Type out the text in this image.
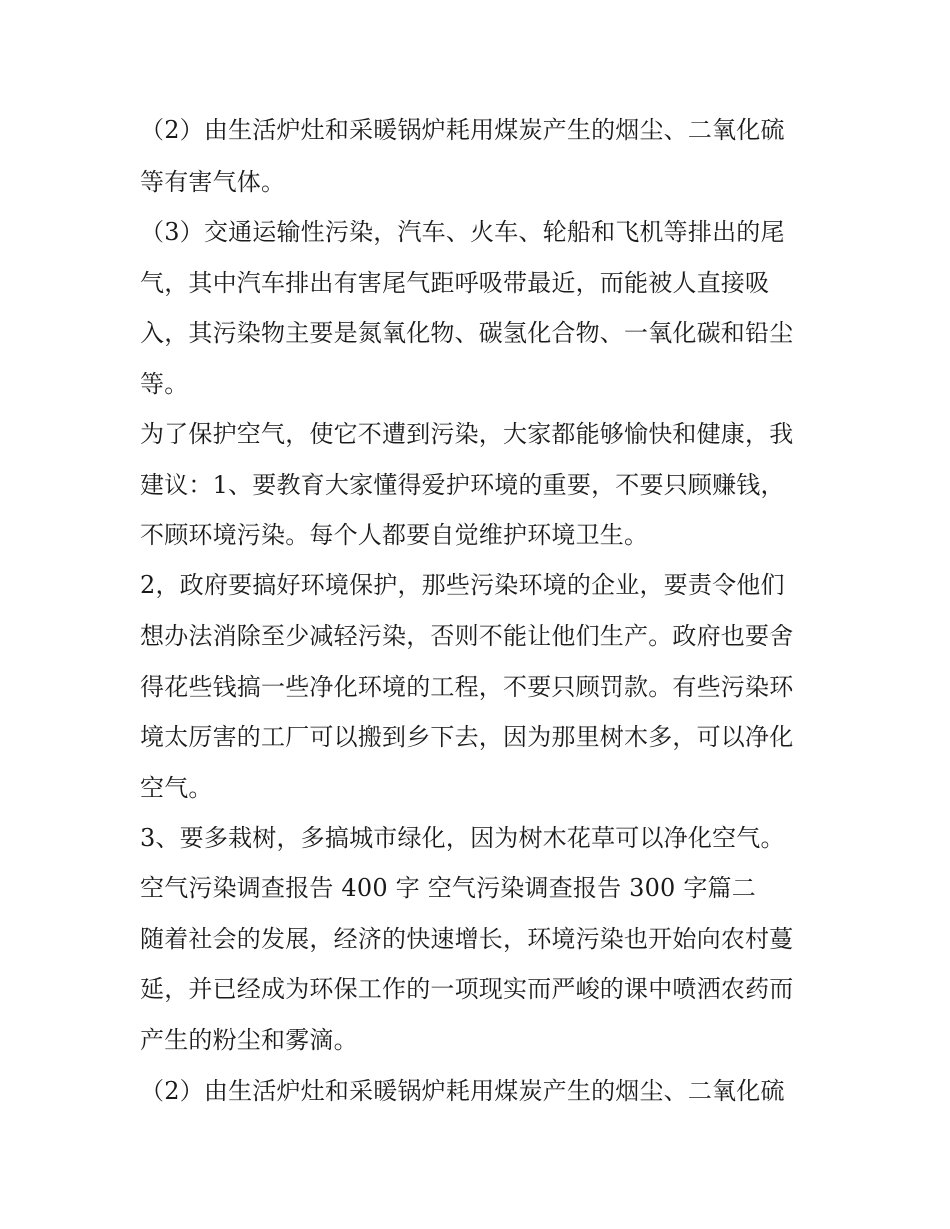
（2）由生活炉灶和采暖锅炉耗用煤炭产生的烟尘、二氧化硫
等有害气体。
（3）交通运输性污染，汽车、火车、轮船和飞机等排出的尾
气，其中汽车排出有害尾气距呼吸带最近，而能被人直接吸
入，其污染物主要是氮氧化物、碳氢化合物、一氧化碳和铅尘
等。
为了保护空气，使它不遭到污染，大家都能够愉快和健康，我
建议：1、要教育大家懂得爱护环境的重要，不要只顾赚钱，
不顾环境污染。每个人都要自觉维护环境卫生。
2，政府要搞好环境保护，那些污染环境的企业，要责令他们
想办法消除至少减轻污染，否则不能让他们生产。政府也要舍
得花些钱搞一些净化环境的工程，不要只顾罚款。有些污染环
境太厉害的工厂可以搬到乡下去，因为那里树木多，可以净化
空气。
3、要多栽树，多搞城市绿化，因为树木花草可以净化空气。
空气污染调查报告 400 字 空气污染调查报告 300 字篇二
随着社会的发展，经济的快速增长，环境污染也开始向农村蔓
延，并已经成为环保工作的一项现实而严峻的课中喷洒农药而
产生的粉尘和雾滴。
（2）由生活炉灶和采暖锅炉耗用煤炭产生的烟尘、二氧化硫
